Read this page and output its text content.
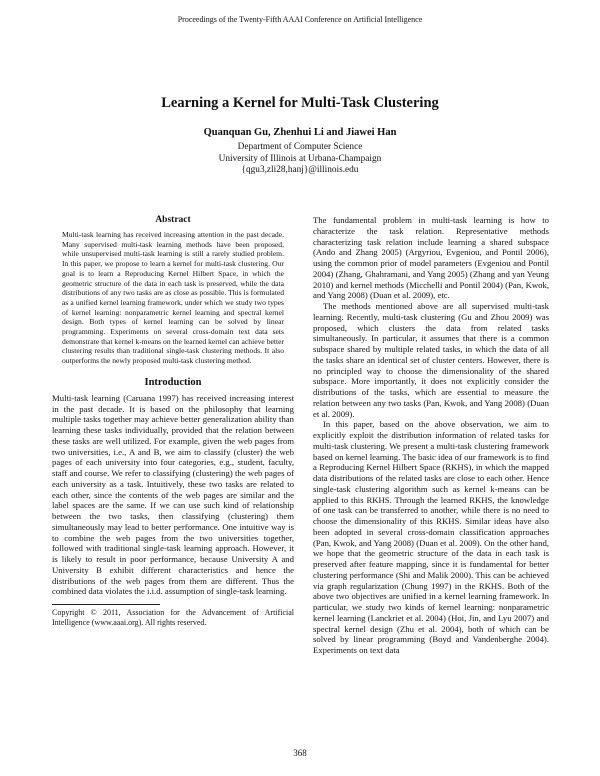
Proceedings of the Twenty-Fifth AAAI Conference on Artificial Intelligence
Learning a Kernel for Multi-Task Clustering
Quanquan Gu, Zhenhui Li and Jiawei Han
Department of Computer Science
University of Illinois at Urbana-Champaign
{qgu3,zli28,hanj}@illinois.edu
Abstract

Multi-task learning has received increasing attention in the past decade. Many supervised multi-task learning methods have been proposed, while unsupervised multi-task learning is still a rarely studied problem. In this paper, we propose to learn a kernel for multi-task clustering. Our goal is to learn a Reproducing Kernel Hilbert Space, in which the geometric structure of the data in each task is preserved, while the data distributions of any two tasks are as close as possible. This is formulated as a unified kernel learning framework, under which we study two types of kernel learning: nonparametric kernel learning and spectral kernel design. Both types of kernel learning can be solved by linear programming. Experiments on several cross-domain text data sets demonstrate that kernel k-means on the learned kernel can achieve better clustering results than traditional single-task clustering methods. It also outperforms the newly proposed multi-task clustering method.

Introduction

Multi-task learning (Caruana 1997) has received increasing interest in the past decade. It is based on the philosophy that learning multiple tasks together may achieve better generalization ability than learning these tasks individually, provided that the relation between these tasks are well utilized. For example, given the web pages from two universities, i.e., A and B, we aim to classify (cluster) the web pages of each university into four categories, e.g., student, faculty, staff and course. We refer to classifying (clustering) the web pages of each university as a task. Intuitively, these two tasks are related to each other, since the contents of the web pages are similar and the label spaces are the same. If we can use such kind of relationship between the two tasks, then classifying (clustering) them simultaneously may lead to better performance. One intuitive way is to combine the web pages from the two universities together, followed with traditional single-task learning approach. However, it is likely to result in poor performance, because University A and University B exhibit different characteristics and hence the distributions of the web pages from them are different. Thus the combined data violates the i.i.d. assumption of single-task learning.

Copyright © 2011, Association for the Advancement of Artificial Intelligence (www.aaai.org). All rights reserved.

The fundamental problem in multi-task learning is how to characterize the task relation. Representative methods characterizing task relation include learning a shared subspace (Ando and Zhang 2005) (Argyriou, Evgeniou, and Pontil 2006), using the common prior of model parameters (Evgeniou and Pontil 2004) (Zhang, Ghahramani, and Yang 2005) (Zhang and yan Yeung 2010) and kernel methods (Micchelli and Pontil 2004) (Pan, Kwok, and Yang 2008) (Duan et al. 2009), etc.

The methods mentioned above are all supervised multi-task learning. Recently, multi-task clustering (Gu and Zhou 2009) was proposed, which clusters the data from related tasks simultaneously. In particular, it assumes that there is a common subspace shared by multiple related tasks, in which the data of all the tasks share an identical set of cluster centers. However, there is no principled way to choose the dimensionality of the shared subspace. More importantly, it does not explicitly consider the distributions of the tasks, which are essential to measure the relation between any two tasks (Pan, Kwok, and Yang 2008) (Duan et al. 2009).

In this paper, based on the above observation, we aim to explicitly exploit the distribution information of related tasks for multi-task clustering. We present a multi-task clustering framework based on kernel learning. The basic idea of our framework is to find a Reproducing Kernel Hilbert Space (RKHS), in which the mapped data distributions of the related tasks are close to each other. Hence single-task clustering algorithm such as kernel k-means can be applied to this RKHS. Through the learned RKHS, the knowledge of one task can be transferred to another, while there is no need to choose the dimensionality of this RKHS. Similar ideas have also been adopted in several cross-domain classification approaches (Pan, Kwok, and Yang 2008) (Duan et al. 2009). On the other hand, we hope that the geometric structure of the data in each task is preserved after feature mapping, since it is fundamental for better clustering performance (Shi and Malik 2000). This can be achieved via graph regularization (Chung 1997) in the RKHS. Both of the above two objectives are unified in a kernel learning framework. In particular, we study two kinds of kernel learning: nonparametric kernel learning (Lanckriet et al. 2004) (Hoi, Jin, and Lyu 2007) and spectral kernel design (Zhu et al. 2004), both of which can be solved by linear programming (Boyd and Vandenberghe 2004). Experiments on text data

368
